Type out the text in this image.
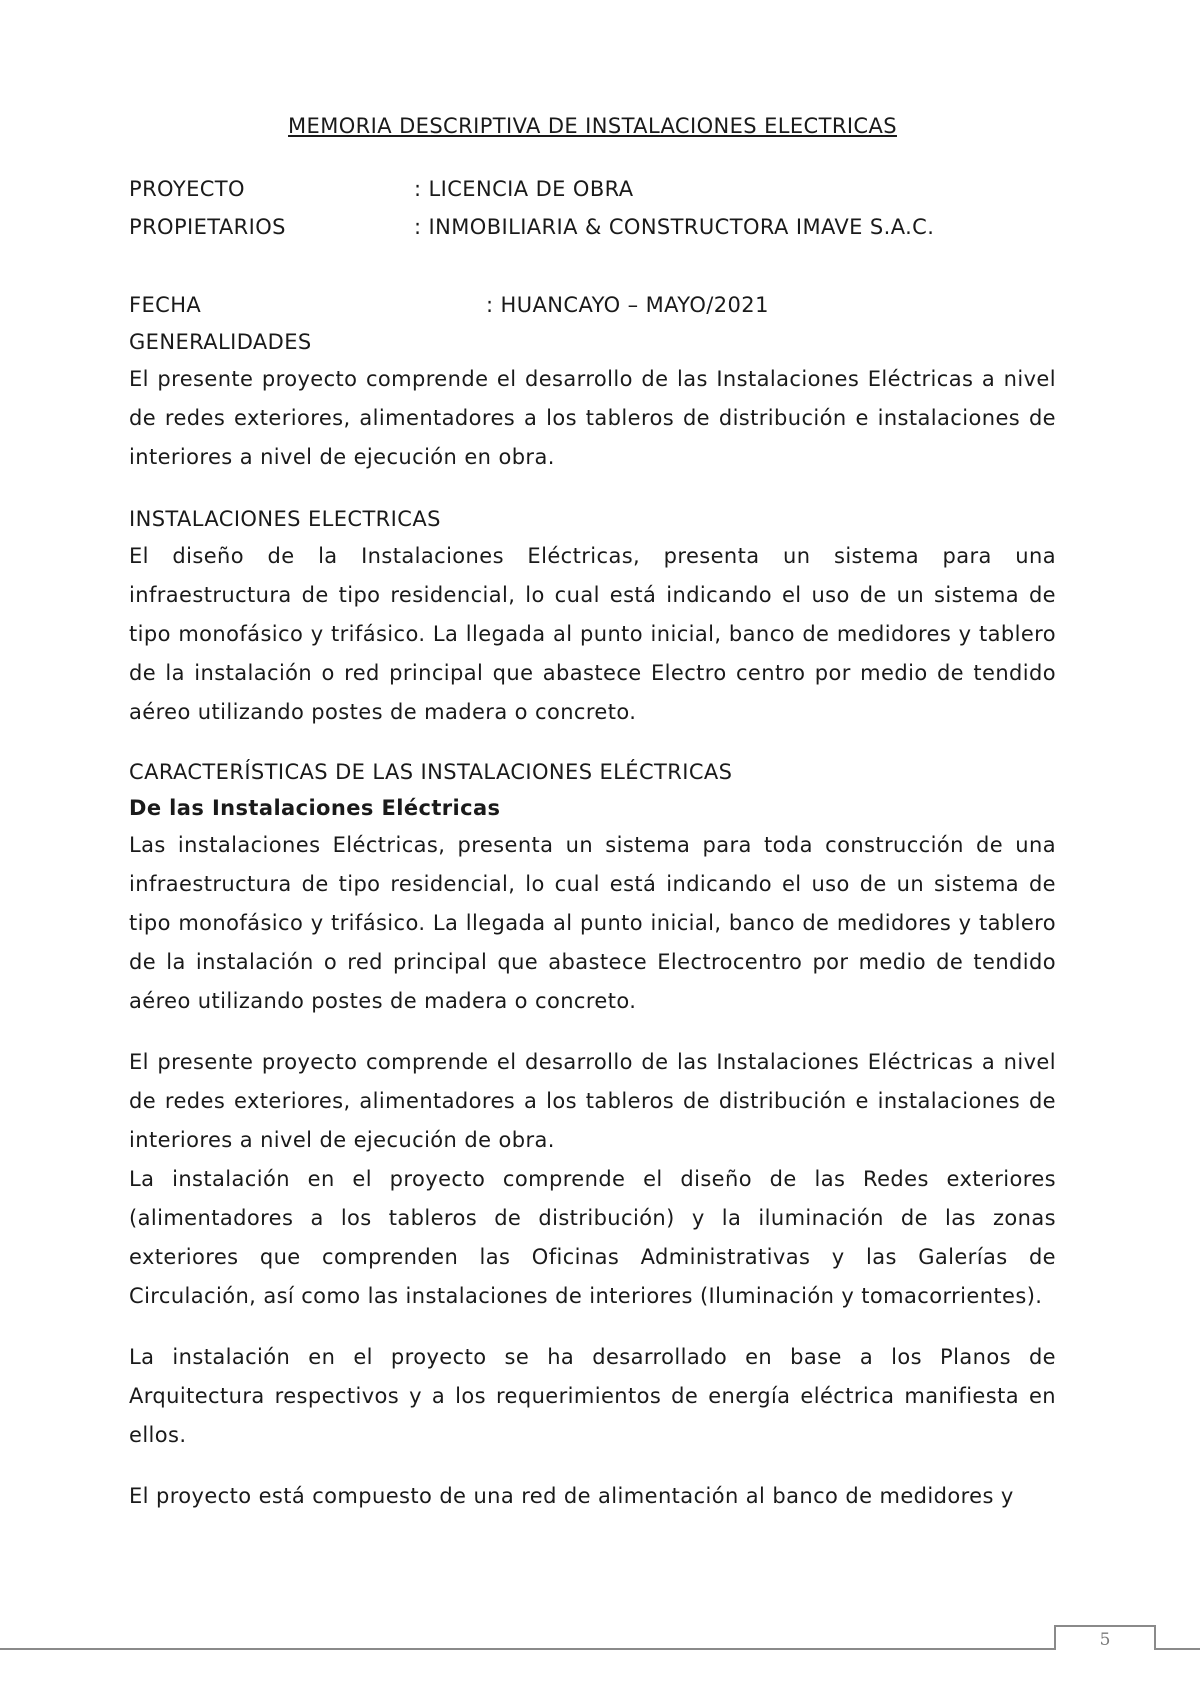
MEMORIA DESCRIPTIVA DE INSTALACIONES ELECTRICAS
PROYECTO	: LICENCIA DE OBRA
PROPIETARIOS	: INMOBILIARIA & CONSTRUCTORA IMAVE S.A.C.
FECHA	: HUANCAYO – MAYO/2021
GENERALIDADES

El presente proyecto comprende el desarrollo de las Instalaciones Eléctricas a nivel de redes exteriores, alimentadores a los tableros de distribución e instalaciones de interiores a nivel de ejecución en obra.

INSTALACIONES ELECTRICAS

El diseño de la Instalaciones Eléctricas, presenta un sistema para una infraestructura de tipo residencial, lo cual está indicando el uso de un sistema de tipo monofásico y trifásico. La llegada al punto inicial, banco de medidores y tablero de la instalación o red principal que abastece Electro centro por medio de tendido aéreo utilizando postes de madera o concreto.

CARACTERÍSTICAS DE LAS INSTALACIONES ELÉCTRICAS
De las Instalaciones Eléctricas

Las instalaciones Eléctricas, presenta un sistema para toda construcción de una infraestructura de tipo residencial, lo cual está indicando el uso de un sistema de tipo monofásico y trifásico. La llegada al punto inicial, banco de medidores y tablero de la instalación o red principal que abastece Electrocentro por medio de tendido aéreo utilizando postes de madera o concreto.

El presente proyecto comprende el desarrollo de las Instalaciones Eléctricas a nivel de redes exteriores, alimentadores a los tableros de distribución e instalaciones de interiores a nivel de ejecución de obra.

La instalación en el proyecto comprende el diseño de las Redes exteriores (alimentadores a los tableros de distribución) y la iluminación de las zonas exteriores que comprenden las Oficinas Administrativas y las Galerías de Circulación, así como las instalaciones de interiores (Iluminación y tomacorrientes).

La instalación en el proyecto se ha desarrollado en base a los Planos de Arquitectura respectivos y a los requerimientos de energía eléctrica manifiesta en ellos.

El proyecto está compuesto de una red de alimentación al banco de medidores y

5
